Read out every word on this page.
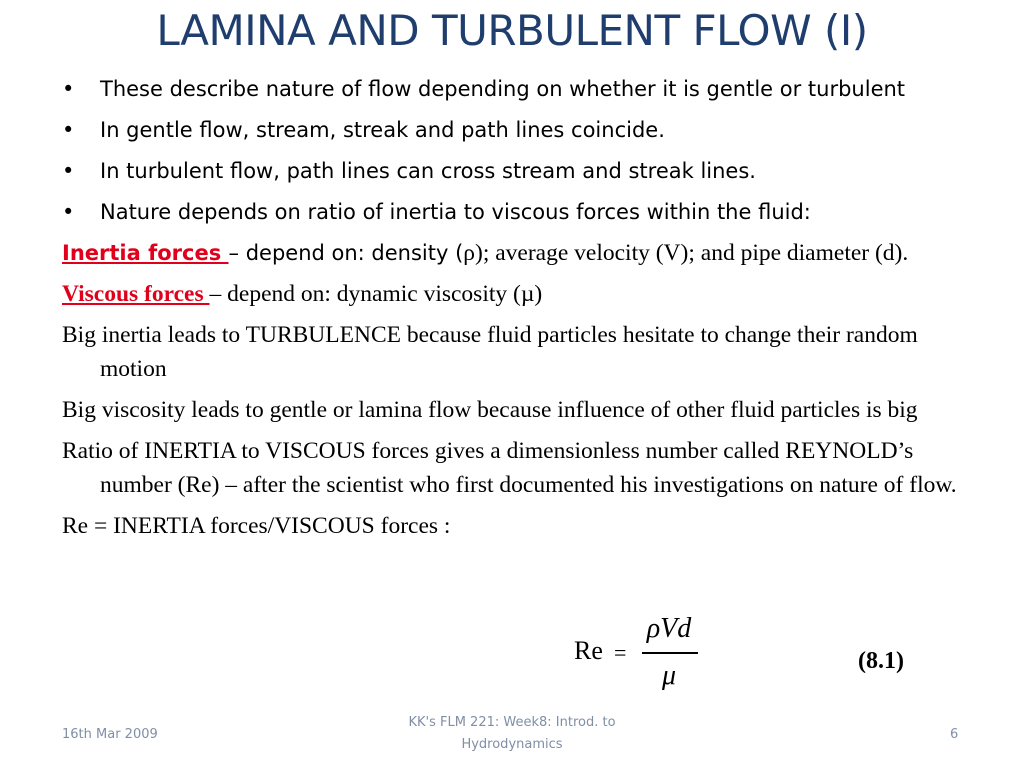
LAMINA AND TURBULENT FLOW (I)
• These describe nature of flow depending on whether it is gentle or turbulent
• In gentle flow, stream, streak and path lines coincide.
• In turbulent flow, path lines can cross stream and streak lines.
• Nature depends on ratio of inertia to viscous forces within the fluid:
Inertia forces – depend on: density (ρ); average velocity (V); and pipe diameter (d).
Viscous forces – depend on: dynamic viscosity (µ)
Big inertia leads to TURBULENCE because fluid particles hesitate to change their random motion
Big viscosity leads to gentle or lamina flow because influence of other fluid particles is big
Ratio of INERTIA to VISCOUS forces gives a dimensionless number called REYNOLD’s number (Re) – after the scientist who first documented his investigations on nature of flow.
Re = INERTIA forces/VISCOUS forces :
Re =
ρVd
μ	(8.1)
16th Mar 2009
KK's FLM 221: Week8: Introd. to Hydrodynamics
6
